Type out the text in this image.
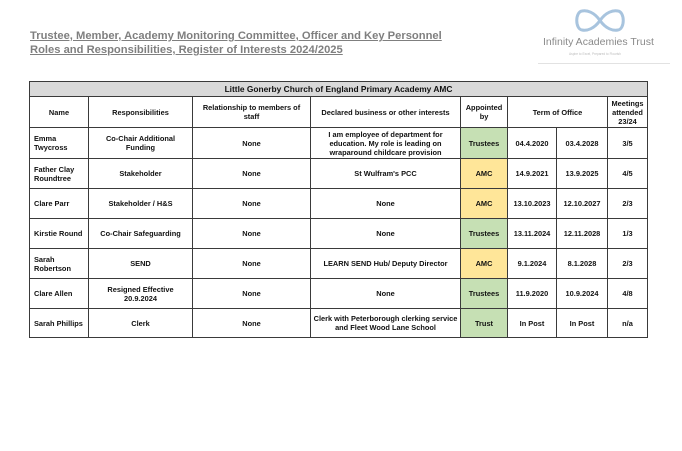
Trustee, Member, Academy Monitoring Committee, Officer and Key Personnel
Roles and Responsibilities, Register of Interests 2024/2025
Infinity Academies Trust
Aspire to Excel, Prepared to Flourish
Little Gonerby Church of England Primary Academy AMC							
Name	Responsibilities	Relationship to members of staff	Declared business or other interests	Appointed by	Term of Office		Meetings attended 23/24
Emma Twycross	Co-Chair Additional Funding	None	I am employee of department for education. My role is leading on wraparound childcare provision	Trustees	04.4.2020	03.4.2028	3/5
Father Clay Roundtree	Stakeholder	None	St Wulfram's PCC	AMC	14.9.2021	13.9.2025	4/5
Clare Parr	Stakeholder / H&S	None	None	AMC	13.10.2023	12.10.2027	2/3
Kirstie Round	Co-Chair Safeguarding	None	None	Trustees	13.11.2024	12.11.2028	1/3
Sarah Robertson	SEND	None	LEARN SEND Hub/ Deputy Director	AMC	9.1.2024	8.1.2028	2/3
Clare Allen	Resigned Effective 20.9.2024	None	None	Trustees	11.9.2020	10.9.2024	4/8
Sarah Phillips	Clerk	None	Clerk with Peterborough clerking service and Fleet Wood Lane School	Trust	In Post	In Post	n/a
